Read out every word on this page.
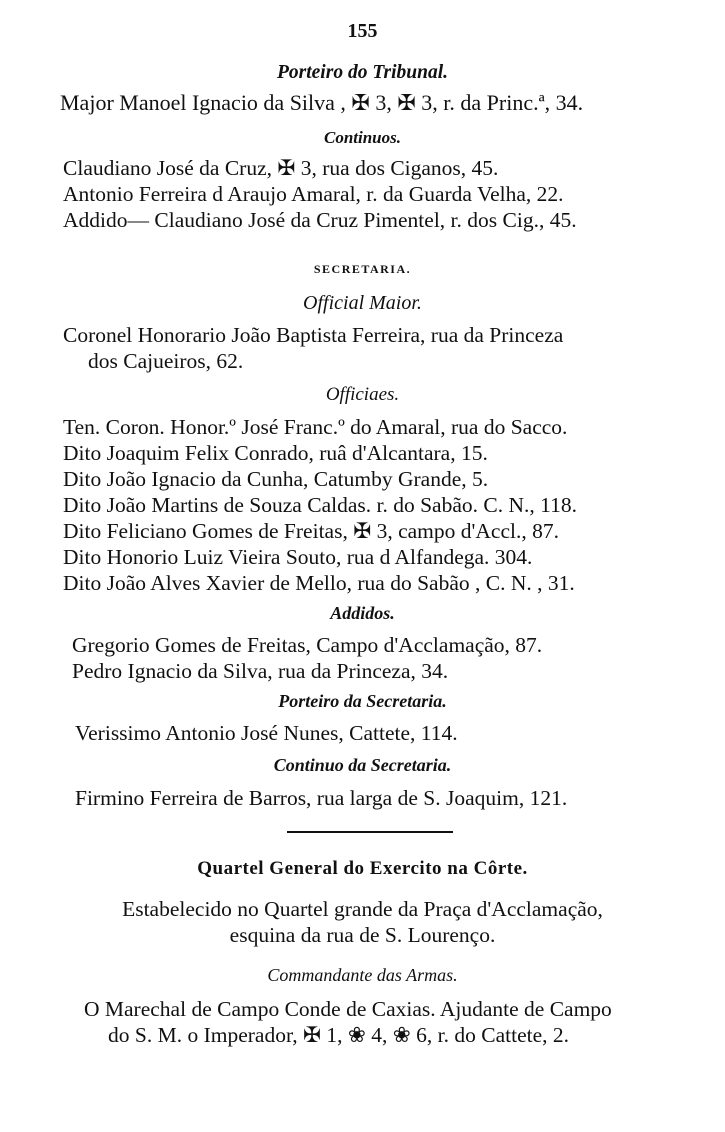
155

Porteiro do Tribunal.

Major Manoel Ignacio da Silva , ✠ 3, ✠ 3, r. da Princ.ª, 34.

Continuos.

Claudiano José da Cruz, ✠ 3, rua dos Ciganos, 45.

Antonio Ferreira d Araujo Amaral, r. da Guarda Velha, 22.

Addido— Claudiano José da Cruz Pimentel, r. dos Cig., 45.

SECRETARIA.

Official Maior.

Coronel Honorario João Baptista Ferreira, rua da Princeza

dos Cajueiros, 62.

Officiaes.

Ten. Coron. Honor.º José Franc.º do Amaral, rua do Sacco.

Dito Joaquim Felix Conrado, ruâ d'Alcantara, 15.

Dito João Ignacio da Cunha, Catumby Grande, 5.

Dito João Martins de Souza Caldas. r. do Sabão. C. N., 118.

Dito Feliciano Gomes de Freitas, ✠ 3, campo d'Accl., 87.

Dito Honorio Luiz Vieira Souto, rua d Alfandega. 304.

Dito João Alves Xavier de Mello, rua do Sabão , C. N. , 31.

Addidos.

Gregorio Gomes de Freitas, Campo d'Acclamação, 87.

Pedro Ignacio da Silva, rua da Princeza, 34.

Porteiro da Secretaria.

Verissimo Antonio José Nunes, Cattete, 114.

Continuo da Secretaria.

Firmino Ferreira de Barros, rua larga de S. Joaquim, 121.

Quartel General do Exercito na Côrte.

Estabelecido no Quartel grande da Praça d'Acclamação,

esquina da rua de S. Lourenço.

Commandante das Armas.

O Marechal de Campo Conde de Caxias. Ajudante de Campo

do S. M. o Imperador, ✠ 1, ❀ 4, ❀ 6, r. do Cattete, 2.
